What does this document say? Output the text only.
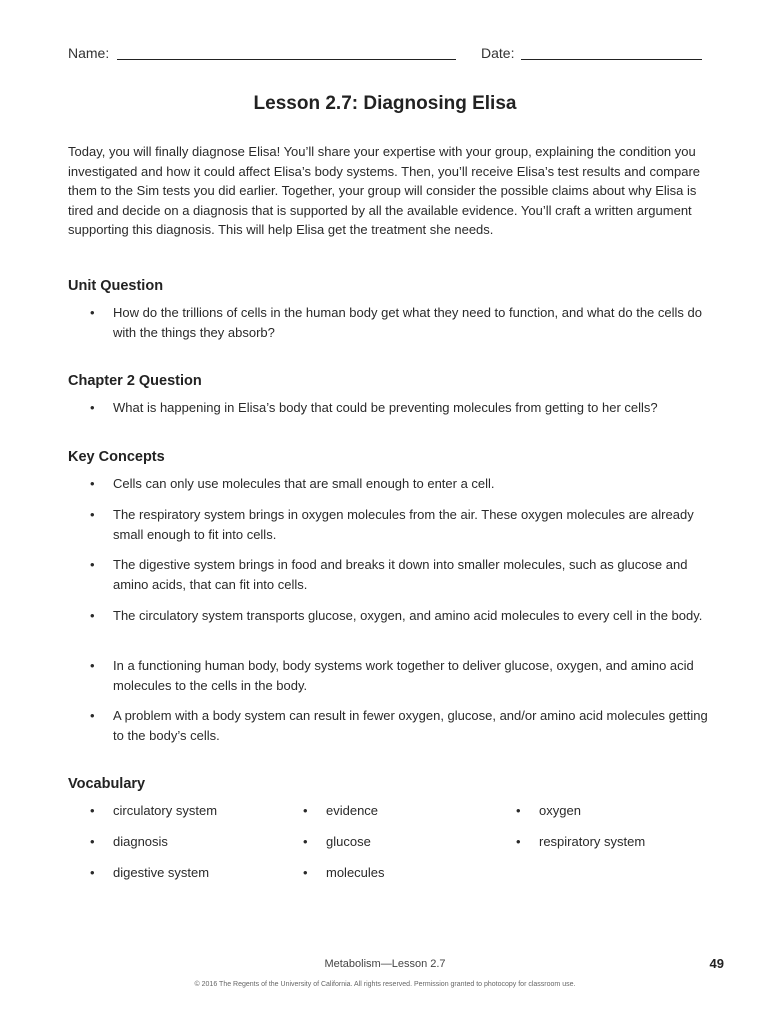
Name:	Date:
Lesson 2.7: Diagnosing Elisa

Today, you will finally diagnose Elisa! You’ll share your expertise with your group, explaining the condition you investigated and how it could affect Elisa’s body systems. Then, you’ll receive Elisa’s test results and compare them to the Sim tests you did earlier. Together, your group will consider the possible claims about why Elisa is tired and decide on a diagnosis that is supported by all the available evidence. You’ll craft a written argument supporting this diagnosis. This will help Elisa get the treatment she needs.

Unit Question
• How do the trillions of cells in the human body get what they need to function, and what do the cells do with the things they absorb?
Chapter 2 Question
• What is happening in Elisa’s body that could be preventing molecules from getting to her cells?
Key Concepts
• Cells can only use molecules that are small enough to enter a cell.
• The respiratory system brings in oxygen molecules from the air. These oxygen molecules are already small enough to fit into cells.
• The digestive system brings in food and breaks it down into smaller molecules, such as glucose and amino acids, that can fit into cells.
• The circulatory system transports glucose, oxygen, and amino acid molecules to every cell in the body.
• In a functioning human body, body systems work together to deliver glucose, oxygen, and amino acid molecules to the cells in the body.
• A problem with a body system can result in fewer oxygen, glucose, and/or amino acid molecules getting to the body’s cells.
Vocabulary
• circulatory system
• diagnosis
• digestive system
• evidence
• glucose
• molecules
• oxygen
• respiratory system
Metabolism—Lesson 2.7	49
© 2016 The Regents of the University of California. All rights reserved. Permission granted to photocopy for classroom use.
